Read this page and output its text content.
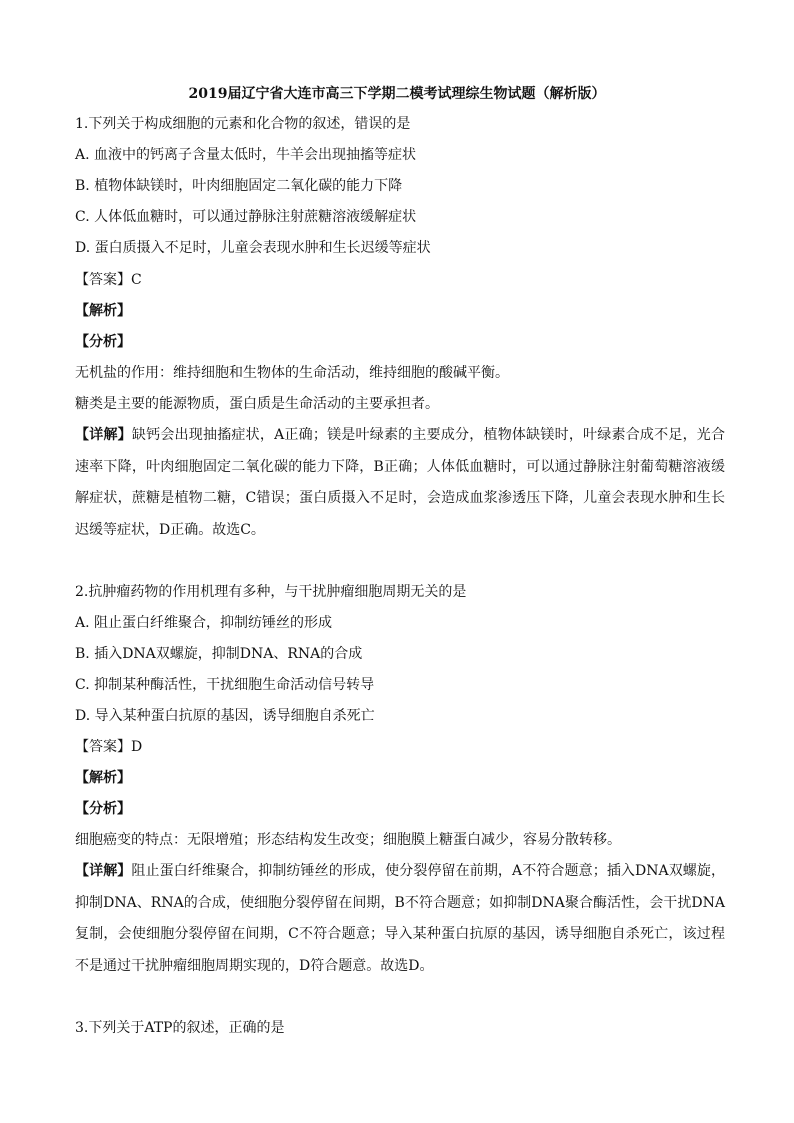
2019届辽宁省大连市高三下学期二模考试理综生物试题（解析版）
1.下列关于构成细胞的元素和化合物的叙述，错误的是
A. 血液中的钙离子含量太低时，牛羊会出现抽搐等症状
B. 植物体缺镁时，叶肉细胞固定二氧化碳的能力下降
C. 人体低血糖时，可以通过静脉注射蔗糖溶液缓解症状
D. 蛋白质摄入不足时，儿童会表现水肿和生长迟缓等症状
【答案】C
【解析】
【分析】
无机盐的作用：维持细胞和生物体的生命活动，维持细胞的酸碱平衡。
糖类是主要的能源物质，蛋白质是生命活动的主要承担者。
【详解】缺钙会出现抽搐症状，A正确；镁是叶绿素的主要成分，植物体缺镁时，叶绿素合成不足，光合速率下降，叶肉细胞固定二氧化碳的能力下降，B正确；人体低血糖时，可以通过静脉注射葡萄糖溶液缓解症状，蔗糖是植物二糖，C错误；蛋白质摄入不足时，会造成血浆渗透压下降，儿童会表现水肿和生长迟缓等症状，D正确。故选C。
2.抗肿瘤药物的作用机理有多种，与干扰肿瘤细胞周期无关的是
A. 阻止蛋白纤维聚合，抑制纺锤丝的形成
B. 插入DNA双螺旋，抑制DNA、RNA的合成
C. 抑制某种酶活性，干扰细胞生命活动信号转导
D. 导入某种蛋白抗原的基因，诱导细胞自杀死亡
【答案】D
【解析】
【分析】
细胞癌变的特点：无限增殖；形态结构发生改变；细胞膜上糖蛋白减少，容易分散转移。
【详解】阻止蛋白纤维聚合，抑制纺锤丝的形成，使分裂停留在前期，A不符合题意；插入DNA双螺旋，抑制DNA、RNA的合成，使细胞分裂停留在间期，B不符合题意；如抑制DNA聚合酶活性，会干扰DNA复制，会使细胞分裂停留在间期，C不符合题意；导入某种蛋白抗原的基因，诱导细胞自杀死亡，该过程不是通过干扰肿瘤细胞周期实现的，D符合题意。故选D。
3.下列关于ATP的叙述，正确的是
